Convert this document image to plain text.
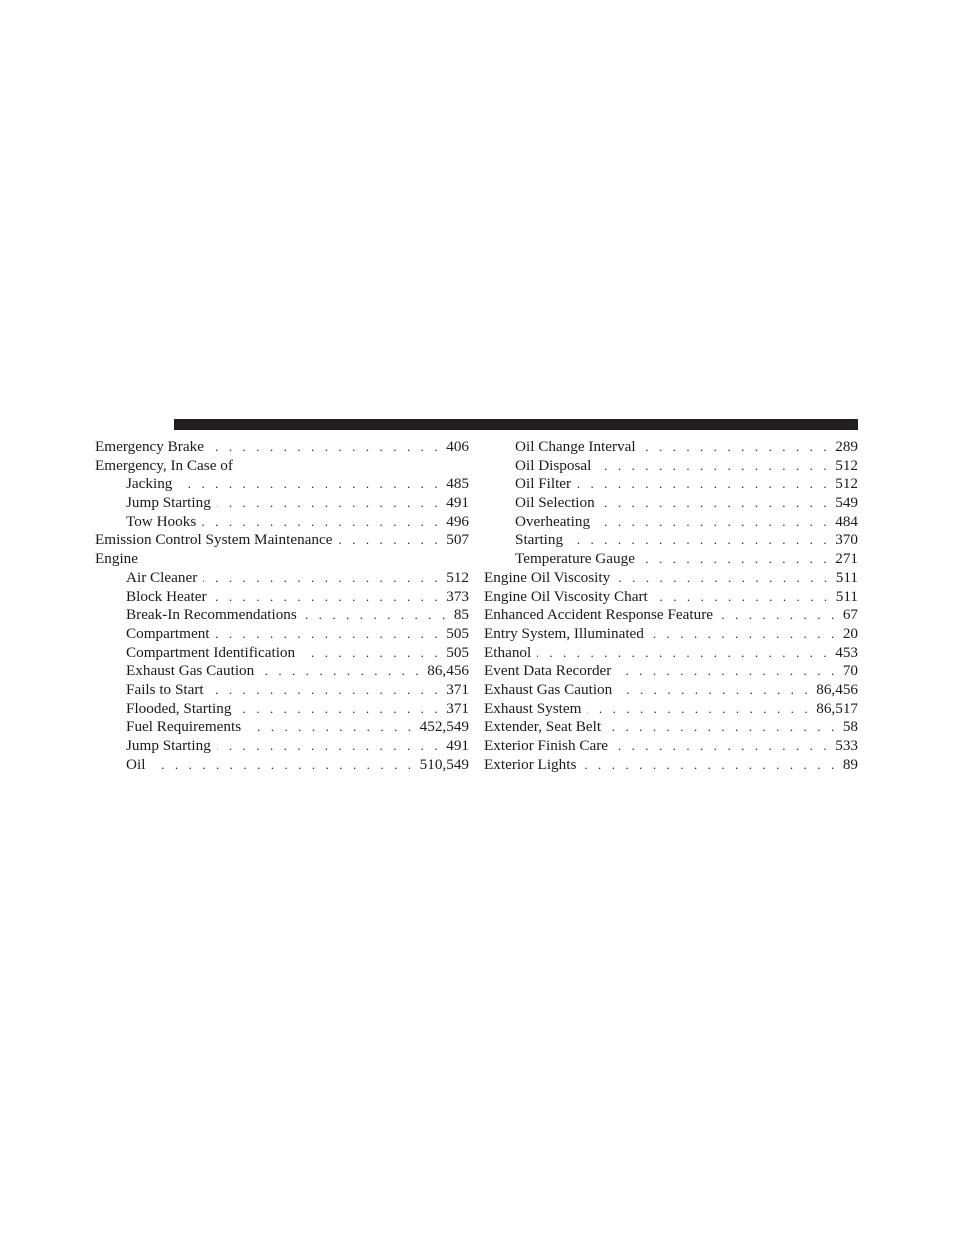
Emergency Brake . . .	406
Emergency, In Case of
Jacking . . .	485
Jump Starting . . .	491
Tow Hooks . . .	496
Emission Control System Maintenance . . .	507
Engine
Air Cleaner . . .	512
Block Heater . . .	373
Break-In Recommendations . . .	85
Compartment . . .	505
Compartment Identification . . .	505
Exhaust Gas Caution . . .	86,456
Fails to Start . . .	371
Flooded, Starting . . .	371
Fuel Requirements . . .	452,549
Jump Starting . . .	491
Oil . . .	510,549
Oil Change Interval . . .	289
Oil Disposal . . .	512
Oil Filter . . .	512
Oil Selection . . .	549
Overheating . . .	484
Starting . . .	370
Temperature Gauge . . .	271
Engine Oil Viscosity . . .	511
Engine Oil Viscosity Chart . . .	511
Enhanced Accident Response Feature . . .	67
Entry System, Illuminated . . .	20
Ethanol . . .	453
Event Data Recorder . . .	70
Exhaust Gas Caution . . .	86,456
Exhaust System . . .	86,517
Extender, Seat Belt . . .	58
Exterior Finish Care . . .	533
Exterior Lights . . .	89
